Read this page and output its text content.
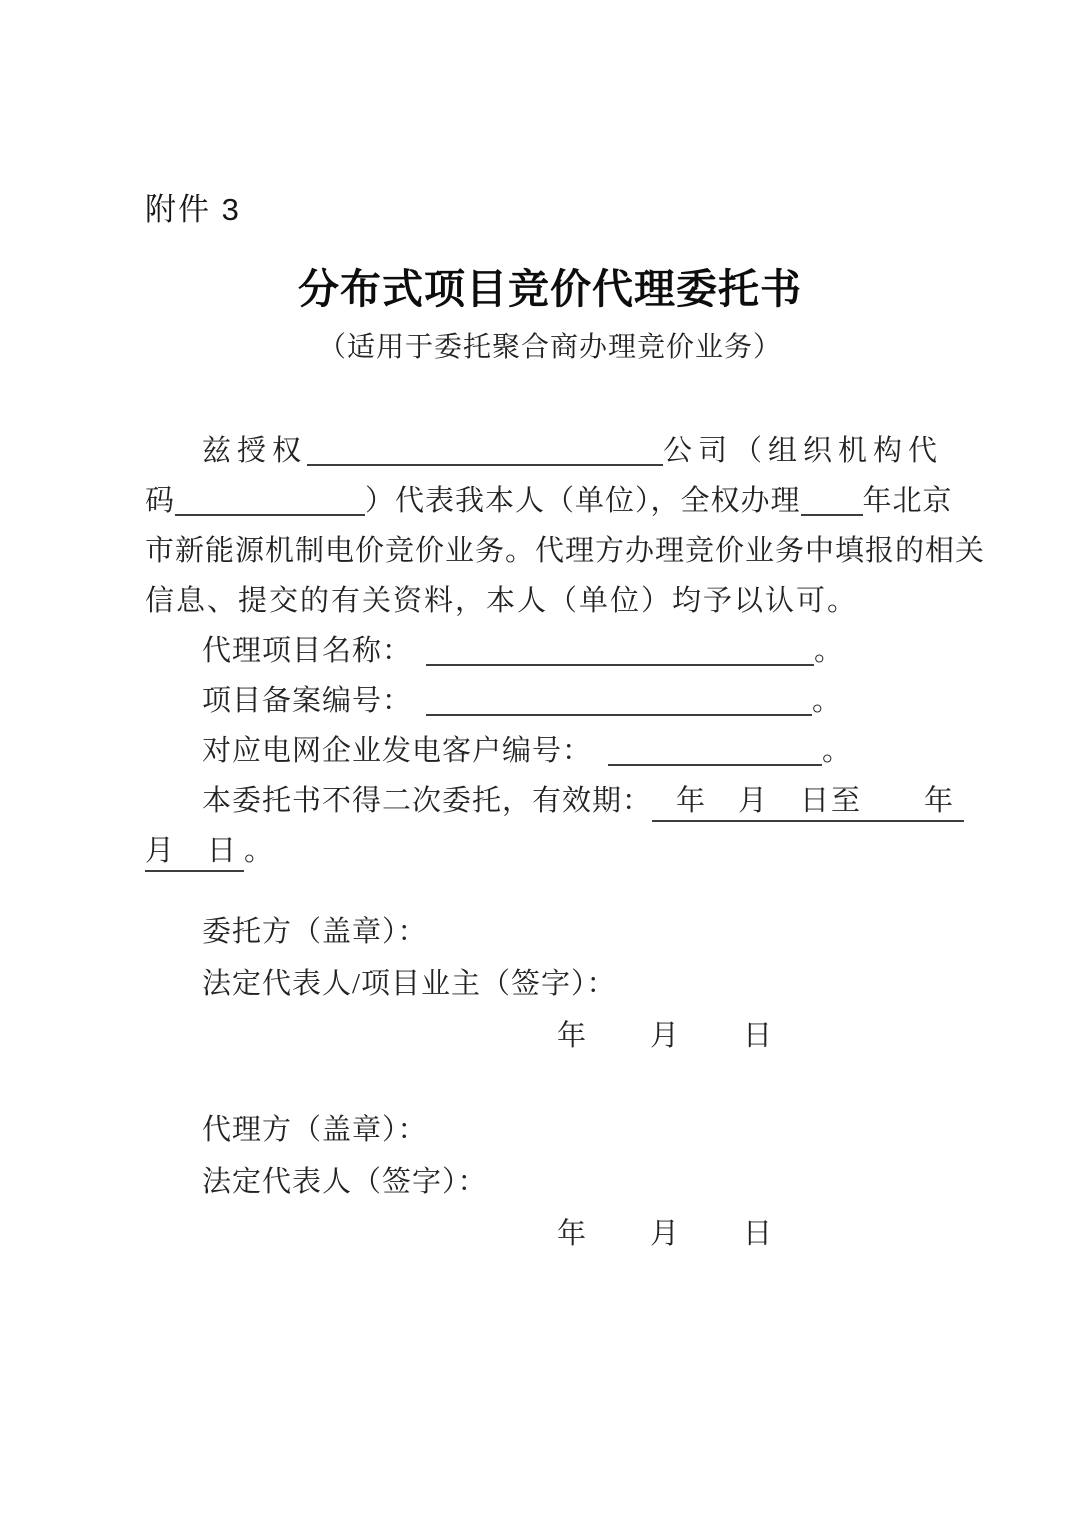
附件 3
分布式项目竞价代理委托书
（适用于委托聚合商办理竞价业务）
兹授权	公司（组织机构代
码	）代表我本人（单位），全权办理 年北京
市新能源机制电价竞价业务。代理方办理竞价业务中填报的相关
信息、提交的有关资料，本人（单位）均予以认可。
代理项目名称：	。
项目备案编号：	。
对应电网企业发电客户编号：	。
本委托书不得二次委托，有效期： 年　月　日至　　年
月　日 。
委托方（盖章）：
法定代表人/项目业主（签字）：
年　　月　　日
代理方（盖章）：
法定代表人（签字）：
年　　月　　日
